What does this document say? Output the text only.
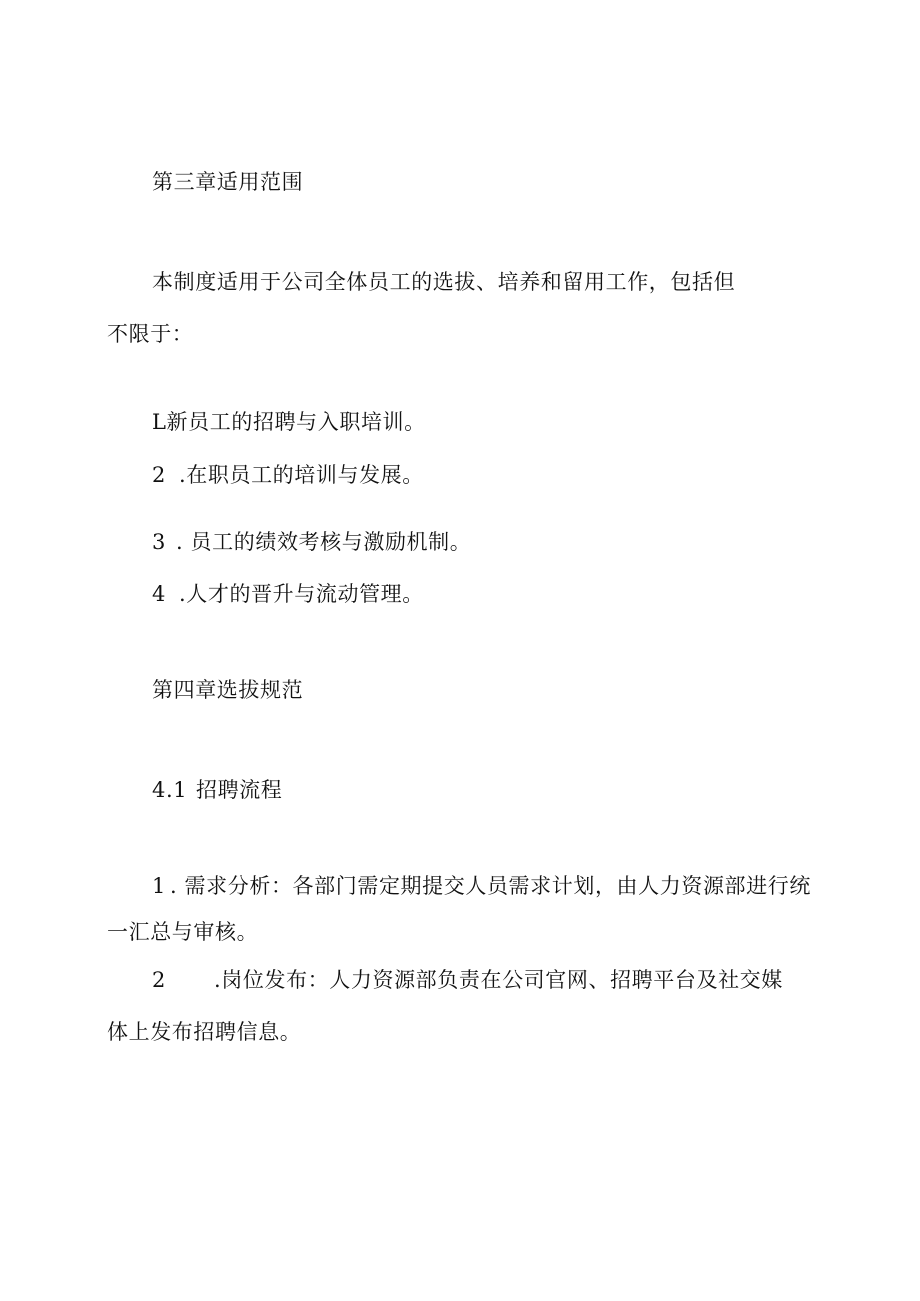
第三章适用范围
本制度适用于公司全体员工的选拔、培养和留用工作，包括但
不限于：
L新员工的招聘与入职培训。
2 .在职员工的培训与发展。
3 . 员工的绩效考核与激励机制。
4 .人才的晋升与流动管理。
第四章选拔规范
4.1 招聘流程
1 . 需求分析：各部门需定期提交人员需求计划，由人力资源部进行统
一汇总与审核。
2 .岗位发布：人力资源部负责在公司官网、招聘平台及社交媒
体上发布招聘信息。
